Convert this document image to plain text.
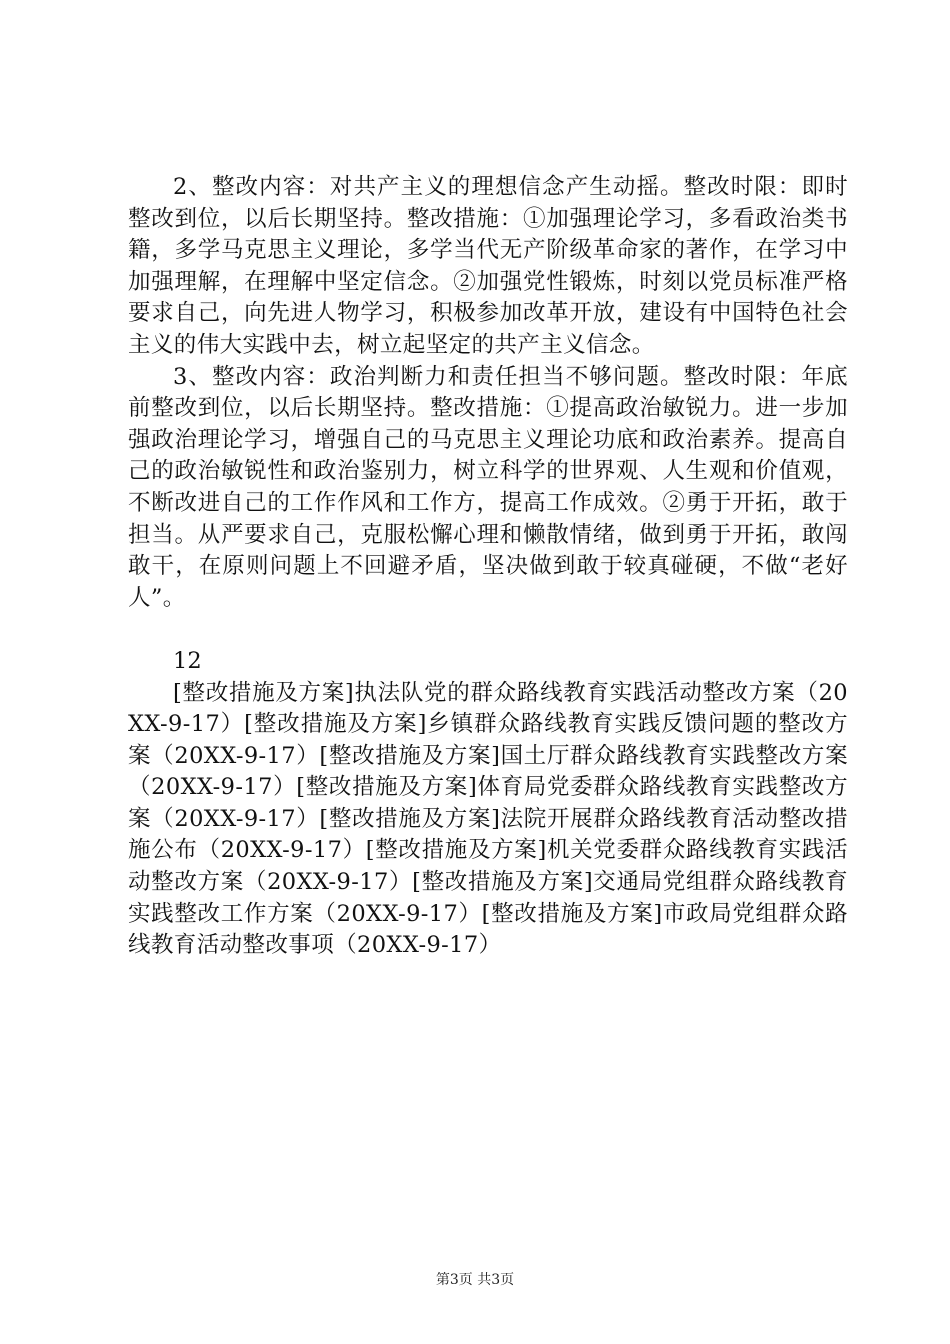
2、整改内容：对共产主义的理想信念产生动摇。整改时限：即时整改到位，以后长期坚持。整改措施：①加强理论学习，多看政治类书籍，多学马克思主义理论，多学当代无产阶级革命家的著作，在学习中加强理解，在理解中坚定信念。②加强党性锻炼，时刻以党员标准严格要求自己，向先进人物学习，积极参加改革开放，建设有中国特色社会主义的伟大实践中去，树立起坚定的共产主义信念。

3、整改内容：政治判断力和责任担当不够问题。整改时限：年底前整改到位，以后长期坚持。整改措施：①提高政治敏锐力。进一步加强政治理论学习，增强自己的马克思主义理论功底和政治素养。提高自己的政治敏锐性和政治鉴别力，树立科学的世界观、人生观和价值观，不断改进自己的工作作风和工作方，提高工作成效。②勇于开拓，敢于担当。从严要求自己，克服松懈心理和懒散情绪，做到勇于开拓，敢闯敢干，在原则问题上不回避矛盾，坚决做到敢于较真碰硬，不做“老好人”。

12

[整改措施及方案]执法队党的群众路线教育实践活动整改方案（20XX-9-17）[整改措施及方案]乡镇群众路线教育实践反馈问题的整改方案（20XX-9-17）[整改措施及方案]国土厅群众路线教育实践整改方案（20XX-9-17）[整改措施及方案]体育局党委群众路线教育实践整改方案（20XX-9-17）[整改措施及方案]法院开展群众路线教育活动整改措施公布（20XX-9-17）[整改措施及方案]机关党委群众路线教育实践活动整改方案（20XX-9-17）[整改措施及方案]交通局党组群众路线教育实践整改工作方案（20XX-9-17）[整改措施及方案]市政局党组群众路线教育活动整改事项（20XX-9-17）

第3页 共3页
